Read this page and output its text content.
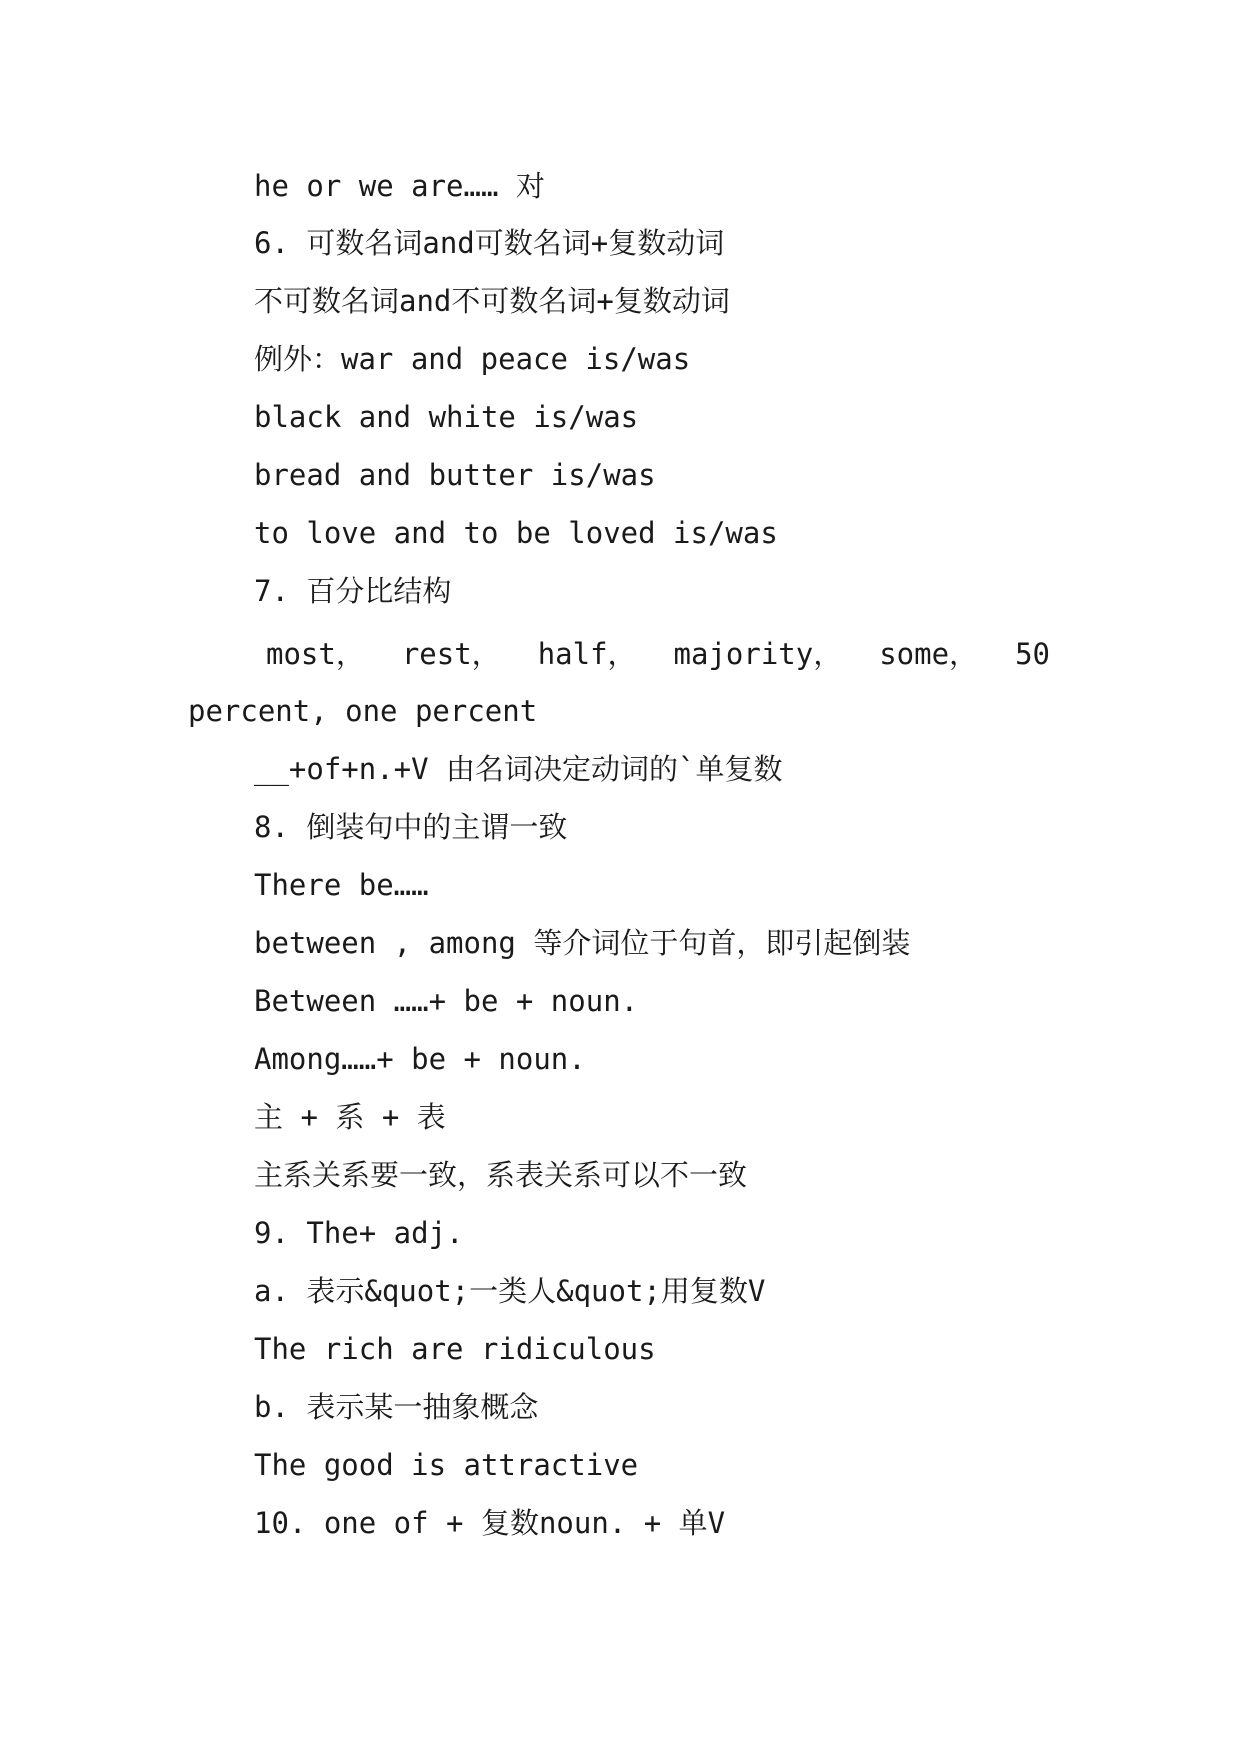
he or we are…… 对
6. 可数名词and可数名词+复数动词
不可数名词and不可数名词+复数动词
例外：war and peace is/was
black and white is/was
bread and butter is/was
to love and to be loved is/was
7. 百分比结构
most， rest， half， majority， some， 50
percent, one percent
__+of+n.+V 由名词决定动词的`单复数
8. 倒装句中的主谓一致
There be……
between , among 等介词位于句首，即引起倒装
Between ……+ be + noun.
Among……+ be + noun.
主 + 系 + 表
主系关系要一致，系表关系可以不一致
9. The+ adj.
a. 表示&quot;一类人&quot;用复数V
The rich are ridiculous
b. 表示某一抽象概念
The good is attractive
10. one of + 复数noun. + 单V
